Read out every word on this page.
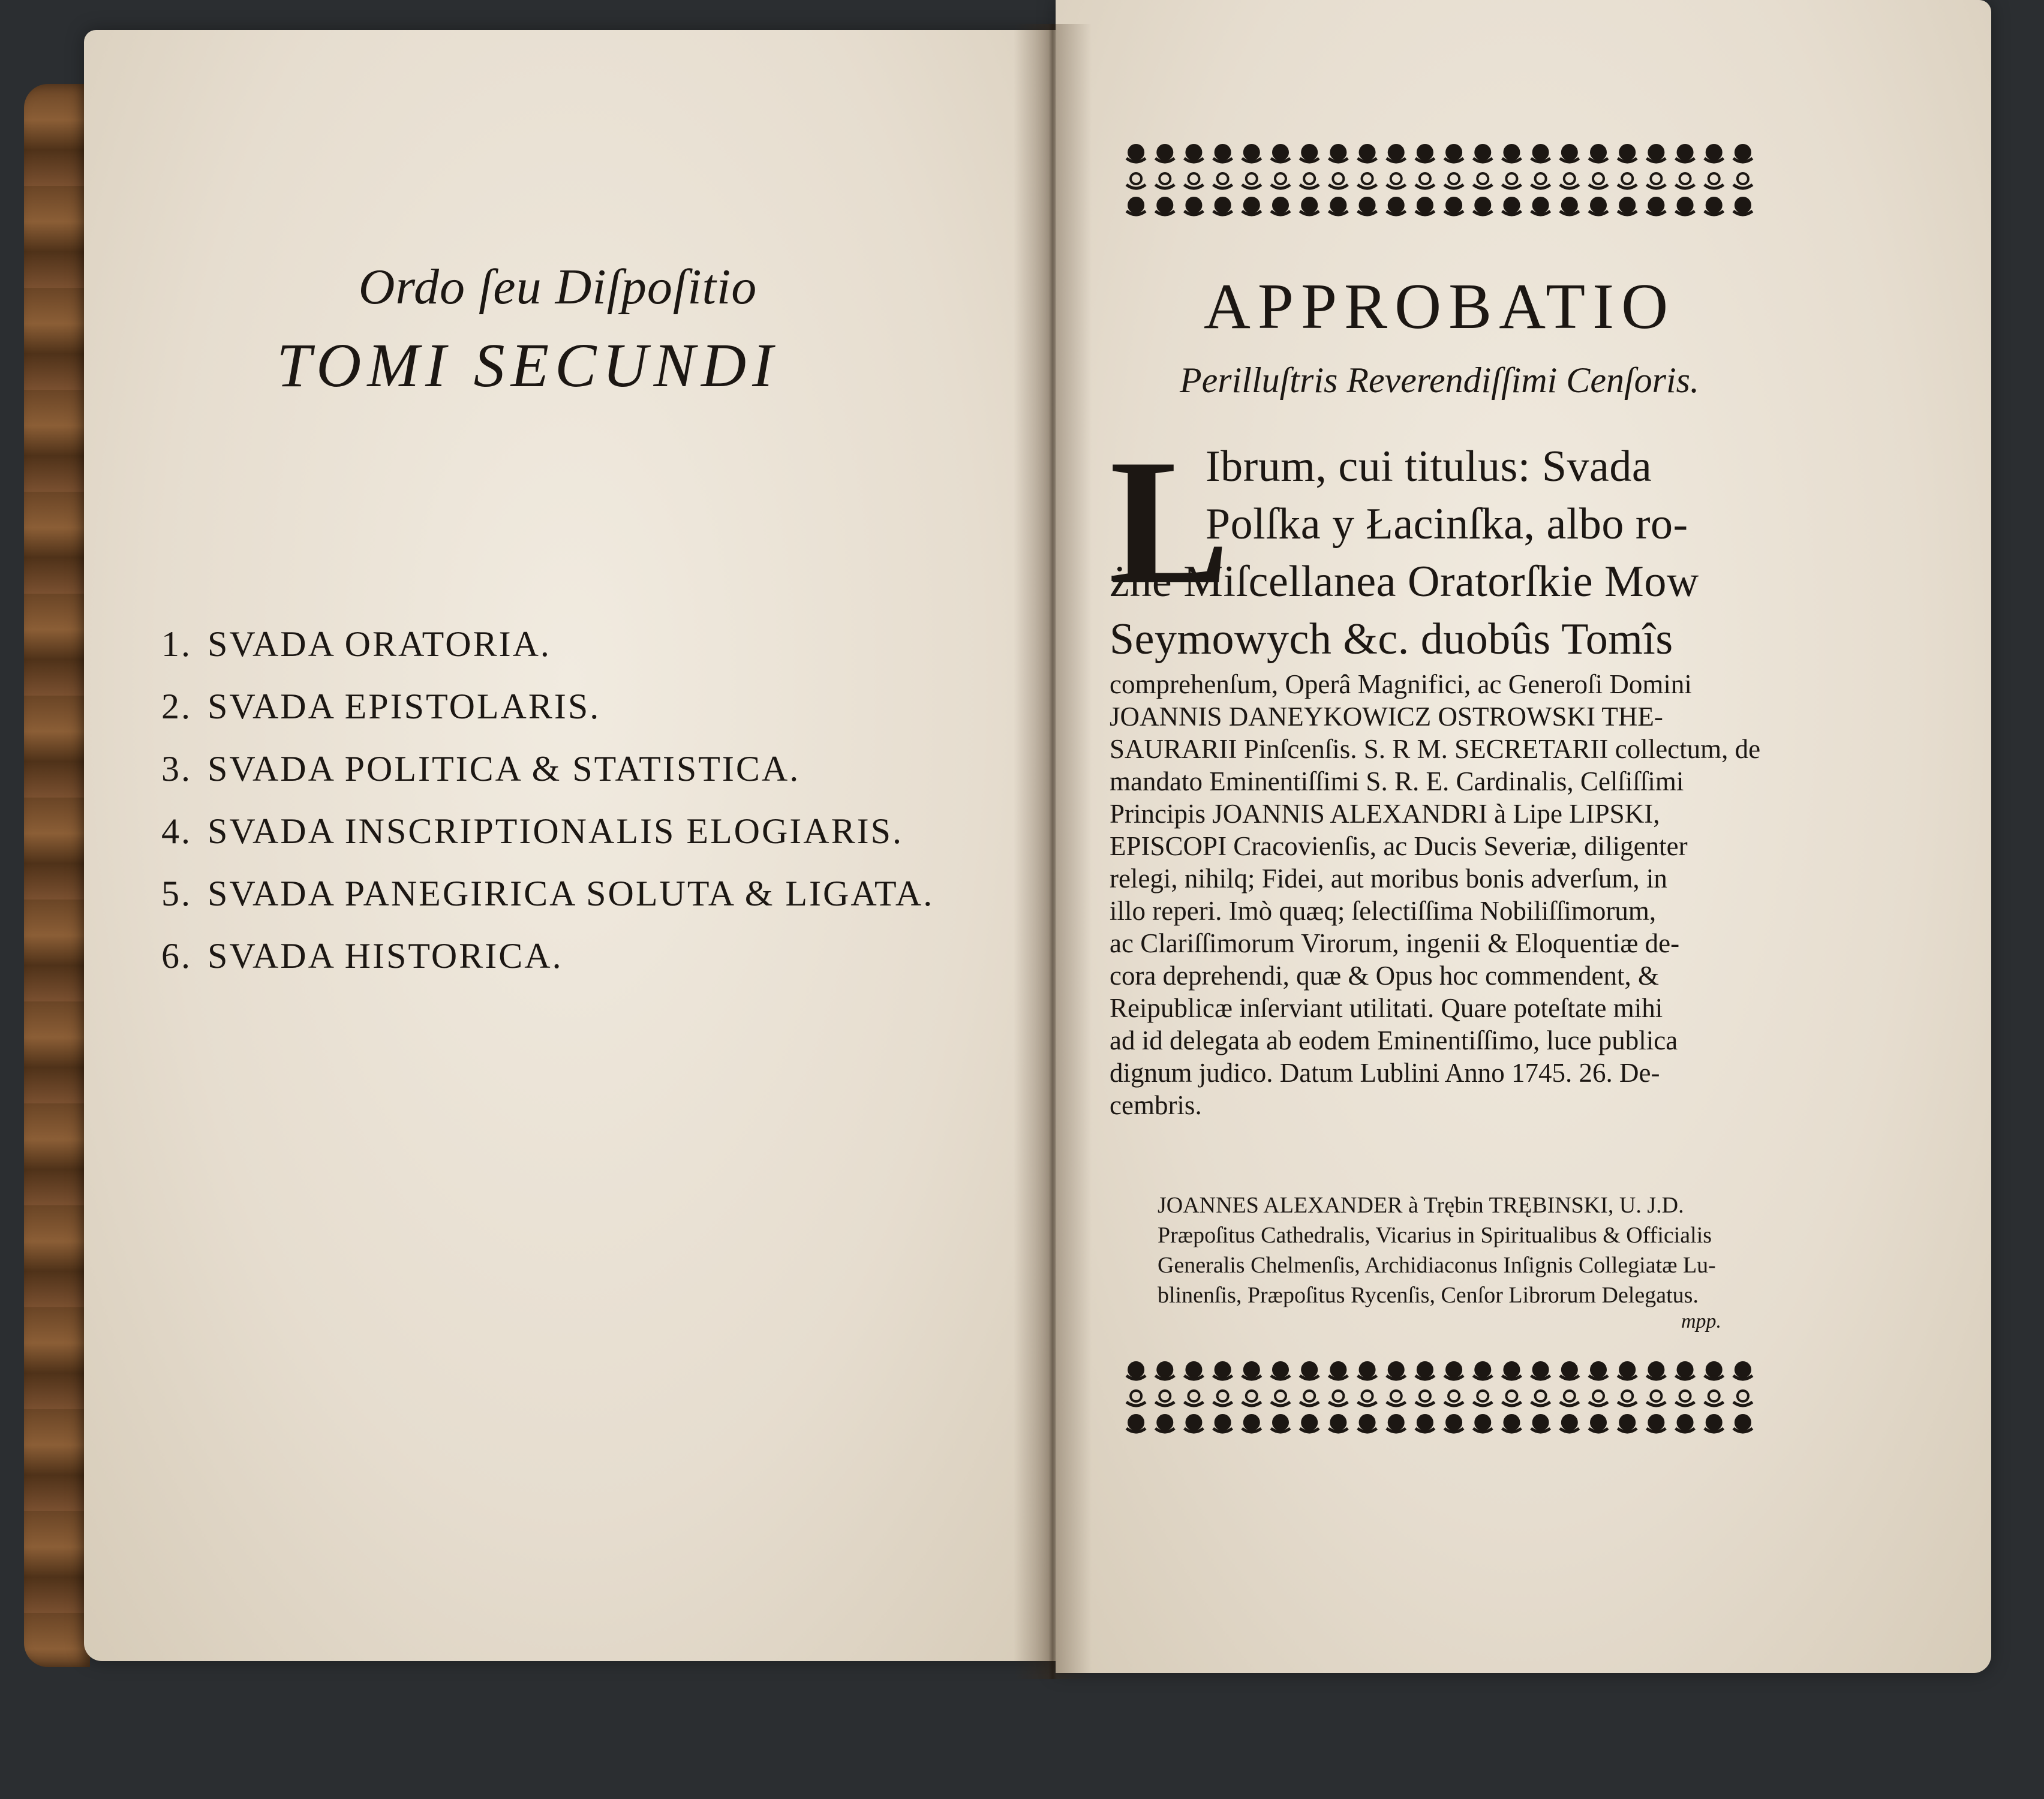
Ordo ſeu Diſpoſitio
TOMI SECUNDI
1. SVADA ORATORIA.
2. SVADA EPISTOLARIS.
3. SVADA POLITICA & STATISTICA.
4. SVADA INSCRIPTIONALIS ELOGIARIS.
5. SVADA PANEGIRICA SOLUTA & LIGATA.
6. SVADA HISTORICA.
APPROBATIO
Perilluſtris Reverendiſſimi Cenſoris.
L
Ibrum, cui titulus: Svada
Polſka y Łacinſka, albo ro-
żne Miſcellanea Oratorſkie Mow
Seymowych &c. duobûs Tomîs
comprehenſum, Operâ Magnifici, ac Generoſi Domini
JOANNIS DANEYKOWICZ OSTROWSKI THE-
SAURARII Pinſcenſis. S. R M. SECRETARII collectum, de
mandato Eminentiſſimi S. R. E. Cardinalis, Celſiſſimi
Principis JOANNIS ALEXANDRI à Lipe LIPSKI,
EPISCOPI Cracovienſis, ac Ducis Severiæ, diligenter
relegi, nihilq; Fidei, aut moribus bonis adverſum, in
illo reperi. Imò quæq; ſelectiſſima Nobiliſſimorum,
ac Clariſſimorum Virorum, ingenii & Eloquentiæ de-
cora deprehendi, quæ & Opus hoc commendent, &
Reipublicæ inſerviant utilitati. Quare poteſtate mihi
ad id delegata ab eodem Eminentiſſimo, luce publica
dignum judico. Datum Lublini Anno 1745. 26. De-
cembris.
JOANNES ALEXANDER à Trębin TRĘBINSKI, U. J.D.
Præpoſitus Cathedralis, Vicarius in Spiritualibus & Officialis
Generalis Chelmenſis, Archidiaconus Inſignis Collegiatæ Lu-
blinenſis, Præpoſitus Rycenſis, Cenſor Librorum Delegatus.
mpp.
